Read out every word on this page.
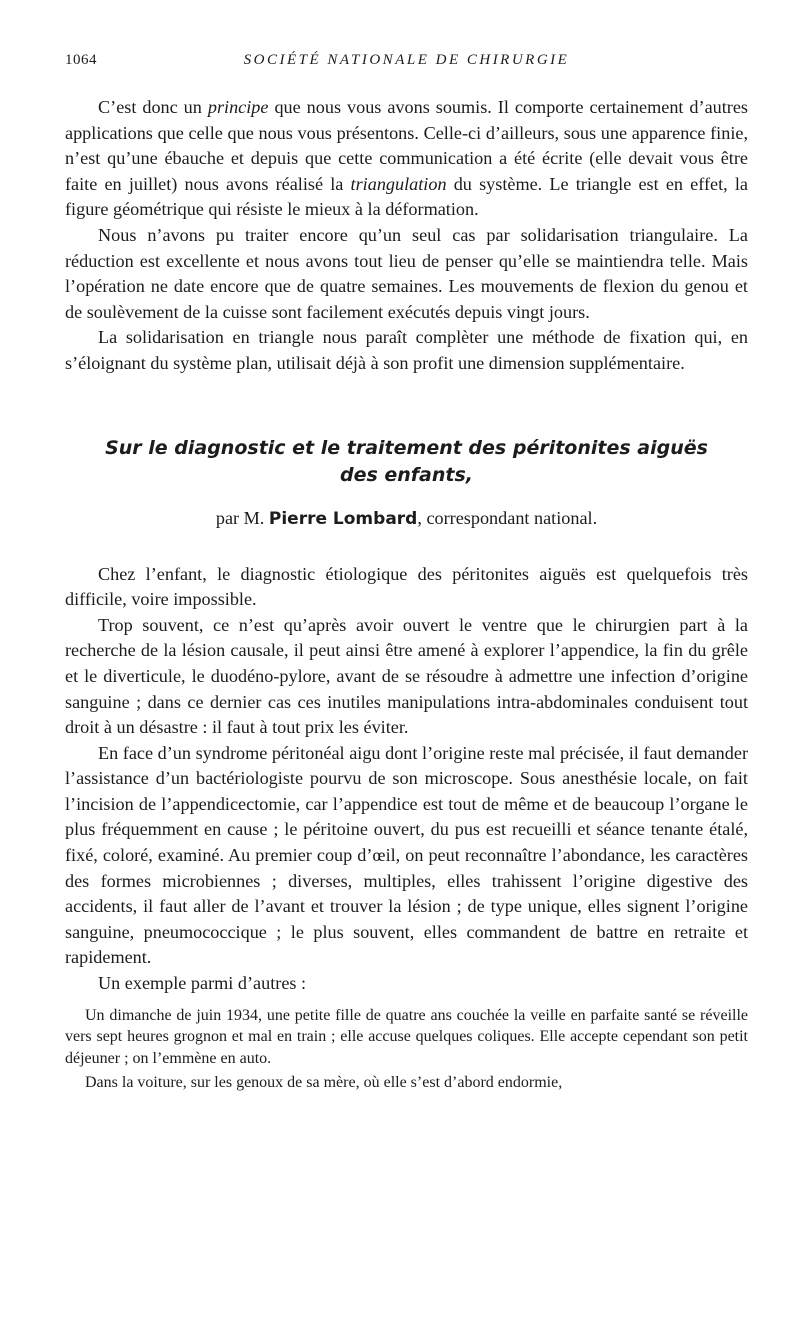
1064	SOCIÉTÉ NATIONALE DE CHIRURGIE

C’est donc un principe que nous vous avons soumis. Il comporte certainement d’autres applications que celle que nous vous présentons. Celle-ci d’ailleurs, sous une apparence finie, n’est qu’une ébauche et depuis que cette communication a été écrite (elle devait vous être faite en juillet) nous avons réalisé la triangulation du système. Le triangle est en effet, la figure géométrique qui résiste le mieux à la déformation.

Nous n’avons pu traiter encore qu’un seul cas par solidarisation triangulaire. La réduction est excellente et nous avons tout lieu de penser qu’elle se maintiendra telle. Mais l’opération ne date encore que de quatre semaines. Les mouvements de flexion du genou et de soulèvement de la cuisse sont facilement exécutés depuis vingt jours.

La solidarisation en triangle nous paraît complèter une méthode de fixation qui, en s’éloignant du système plan, utilisait déjà à son profit une dimension supplémentaire.

Sur le diagnostic et le traitement des péritonites aiguës des enfants,
par M. Pierre Lombard, correspondant national.

Chez l’enfant, le diagnostic étiologique des péritonites aiguës est quelquefois très difficile, voire impossible.

Trop souvent, ce n’est qu’après avoir ouvert le ventre que le chirurgien part à la recherche de la lésion causale, il peut ainsi être amené à explorer l’appendice, la fin du grêle et le diverticule, le duodéno-pylore, avant de se résoudre à admettre une infection d’origine sanguine ; dans ce dernier cas ces inutiles manipulations intra-abdominales conduisent tout droit à un désastre : il faut à tout prix les éviter.

En face d’un syndrome péritonéal aigu dont l’origine reste mal précisée, il faut demander l’assistance d’un bactériologiste pourvu de son microscope. Sous anesthésie locale, on fait l’incision de l’appendicectomie, car l’appendice est tout de même et de beaucoup l’organe le plus fréquemment en cause ; le péritoine ouvert, du pus est recueilli et séance tenante étalé, fixé, coloré, examiné. Au premier coup d’œil, on peut reconnaître l’abondance, les caractères des formes microbiennes ; diverses, multiples, elles trahissent l’origine digestive des accidents, il faut aller de l’avant et trouver la lésion ; de type unique, elles signent l’origine sanguine, pneumococcique ; le plus souvent, elles commandent de battre en retraite et rapidement.

Un exemple parmi d’autres :

Un dimanche de juin 1934, une petite fille de quatre ans couchée la veille en parfaite santé se réveille vers sept heures grognon et mal en train ; elle accuse quelques coliques. Elle accepte cependant son petit déjeuner ; on l’emmène en auto.

Dans la voiture, sur les genoux de sa mère, où elle s’est d’abord endormie,
